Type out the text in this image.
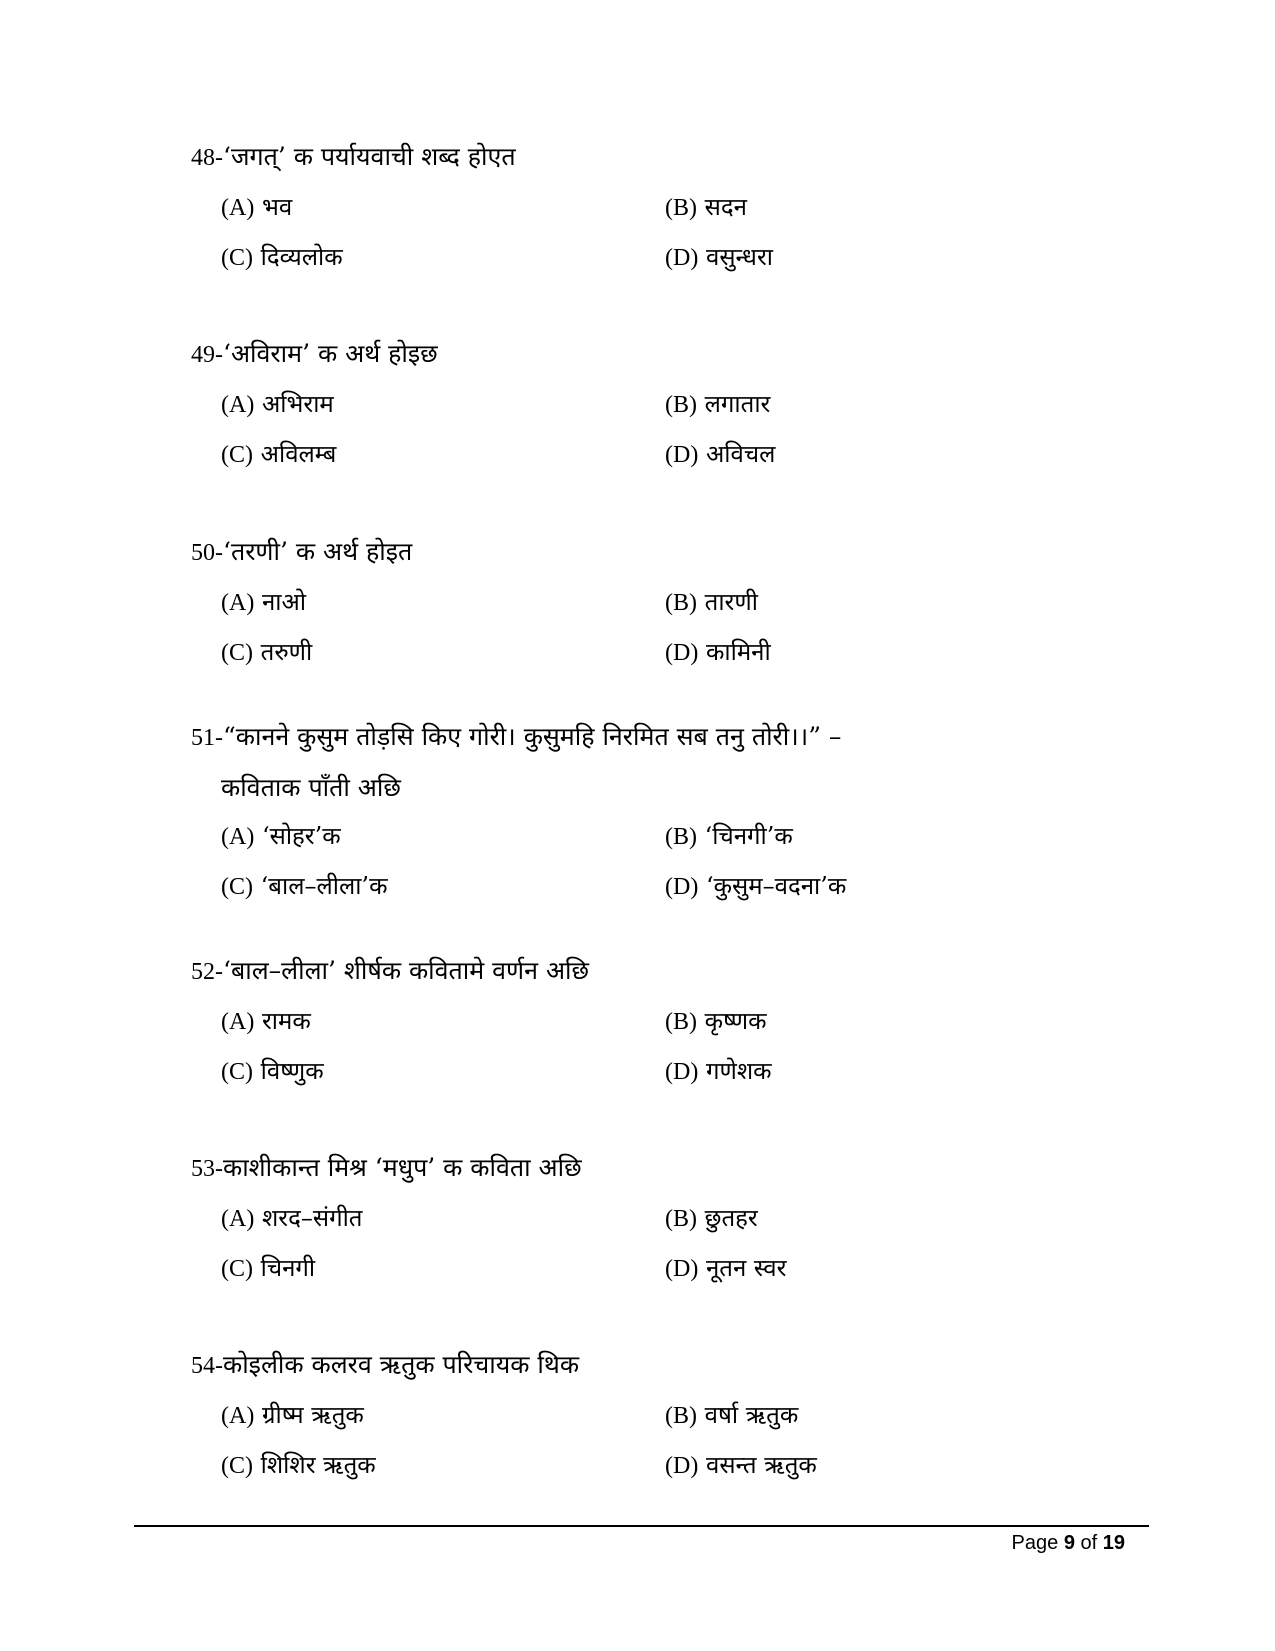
48-‘जगत्’ क पर्यायवाची शब्द होएत
(A) भव	(B) सदन
(C) दिव्यलोक	(D) वसुन्धरा
49-‘अविराम’ क अर्थ होइछ
(A) अभिराम	(B) लगातार
(C) अविलम्ब	(D) अविचल
50-‘तरणी’ क अर्थ होइत
(A) नाओ	(B) तारणी
(C) तरुणी	(D) कामिनी
51-“कानने कुसुम तोड़सि किए गोरी। कुसुमहि निरमित सब तनु तोरी।।” –
कविताक पाँती अछि
(A) ‘सोहर’क	(B) ‘चिनगी’क
(C) ‘बाल–लीला’क	(D) ‘कुसुम–वदना’क
52-‘बाल–लीला’ शीर्षक कवितामे वर्णन अछि
(A) रामक	(B) कृष्णक
(C) विष्णुक	(D) गणेशक
53-काशीकान्त मिश्र ‘मधुप’ क कविता अछि
(A) शरद–संगीत	(B) छुतहर
(C) चिनगी	(D) नूतन स्वर
54-कोइलीक कलरव ऋतुक परिचायक थिक
(A) ग्रीष्म ऋतुक	(B) वर्षा ऋतुक
(C) शिशिर ऋतुक	(D) वसन्त ऋतुक
Page 9 of 19
